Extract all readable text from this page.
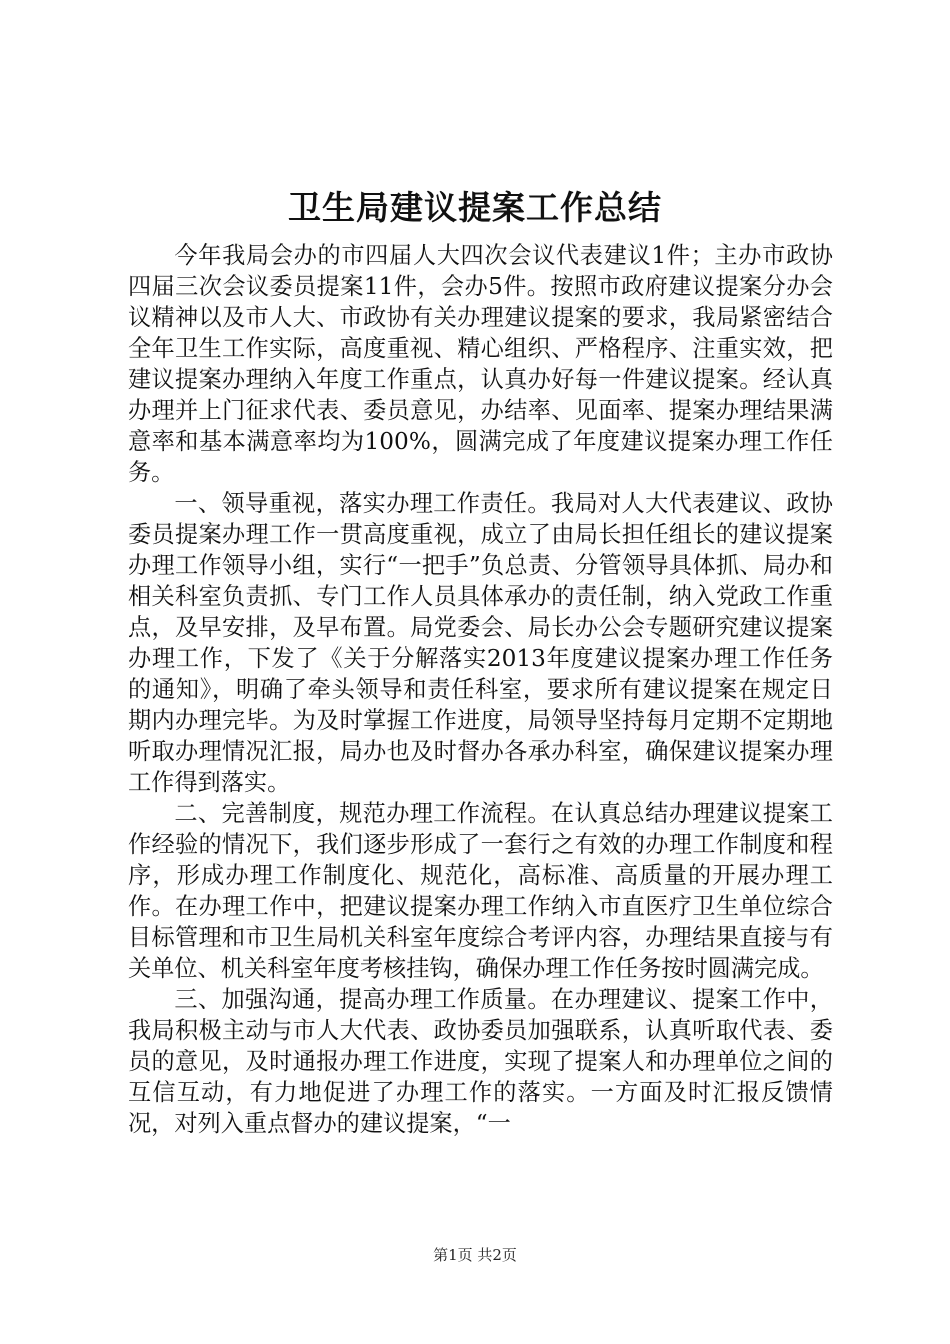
卫生局建议提案工作总结

今年我局会办的市四届人大四次会议代表建议1件；主办市政协四届三次会议委员提案11件，会办5件。按照市政府建议提案分办会议精神以及市人大、市政协有关办理建议提案的要求，我局紧密结合全年卫生工作实际，高度重视、精心组织、严格程序、注重实效，把建议提案办理纳入年度工作重点，认真办好每一件建议提案。经认真办理并上门征求代表、委员意见，办结率、见面率、提案办理结果满意率和基本满意率均为100%，圆满完成了年度建议提案办理工作任务。

一、领导重视，落实办理工作责任。我局对人大代表建议、政协委员提案办理工作一贯高度重视，成立了由局长担任组长的建议提案办理工作领导小组，实行“一把手”负总责、分管领导具体抓、局办和相关科室负责抓、专门工作人员具体承办的责任制，纳入党政工作重点，及早安排，及早布置。局党委会、局长办公会专题研究建议提案办理工作，下发了《关于分解落实2013年度建议提案办理工作任务的通知》，明确了牵头领导和责任科室，要求所有建议提案在规定日期内办理完毕。为及时掌握工作进度，局领导坚持每月定期不定期地听取办理情况汇报，局办也及时督办各承办科室，确保建议提案办理工作得到落实。

二、完善制度，规范办理工作流程。在认真总结办理建议提案工作经验的情况下，我们逐步形成了一套行之有效的办理工作制度和程序，形成办理工作制度化、规范化，高标准、高质量的开展办理工作。在办理工作中，把建议提案办理工作纳入市直医疗卫生单位综合目标管理和市卫生局机关科室年度综合考评内容，办理结果直接与有关单位、机关科室年度考核挂钩，确保办理工作任务按时圆满完成。

三、加强沟通，提高办理工作质量。在办理建议、提案工作中，我局积极主动与市人大代表、政协委员加强联系，认真听取代表、委员的意见，及时通报办理工作进度，实现了提案人和办理单位之间的互信互动，有力地促进了办理工作的落实。一方面及时汇报反馈情况，对列入重点督办的建议提案，“一

第1页 共2页
